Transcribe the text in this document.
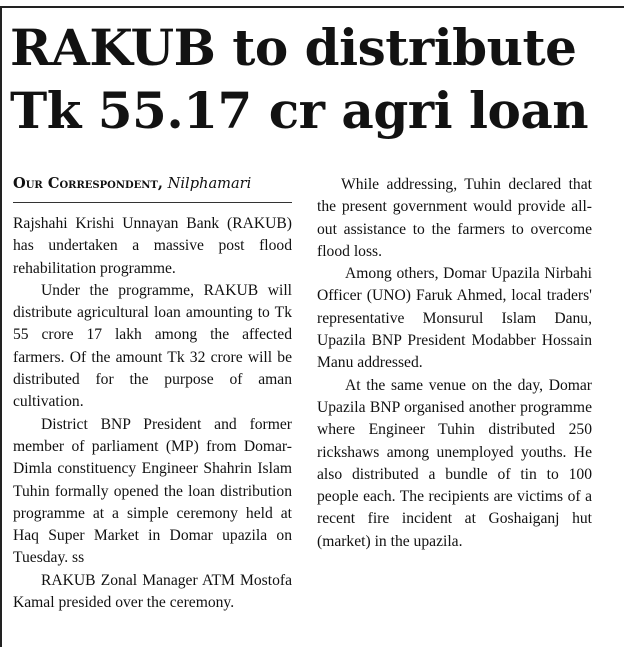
RAKUB to distribute
Tk 55.17 cr agri loan
Our Correspondent, Nilphamari

Rajshahi Krishi Unnayan Bank (RAKUB) has undertaken a massive post flood rehabilitation programme.

Under the programme, RAKUB will distribute agricultural loan amounting to Tk 55 crore 17 lakh among the affected farmers. Of the amount Tk 32 crore will be distributed for the purpose of aman cultivation.

District BNP President and former member of parliament (MP) from Domar-Dimla constituency Engineer Shahrin Islam Tuhin formally opened the loan distribution programme at a simple ceremony held at Haq Super Market in Domar upazila on Tuesday. ss

RAKUB Zonal Manager ATM Mostofa Kamal presided over the ceremony.

While addressing, Tuhin declared that the present government would provide all-out assistance to the farmers to overcome flood loss.

Among others, Domar Upazila Nirbahi Officer (UNO) Faruk Ahmed, local traders' representative Monsurul Islam Danu, Upazila BNP President Modabber Hossain Manu addressed.

At the same venue on the day, Domar Upazila BNP organised another programme where Engineer Tuhin distributed 250 rickshaws among unemployed youths. He also distributed a bundle of tin to 100 people each. The recipients are victims of a recent fire incident at Goshaiganj hut (market) in the upazila.
